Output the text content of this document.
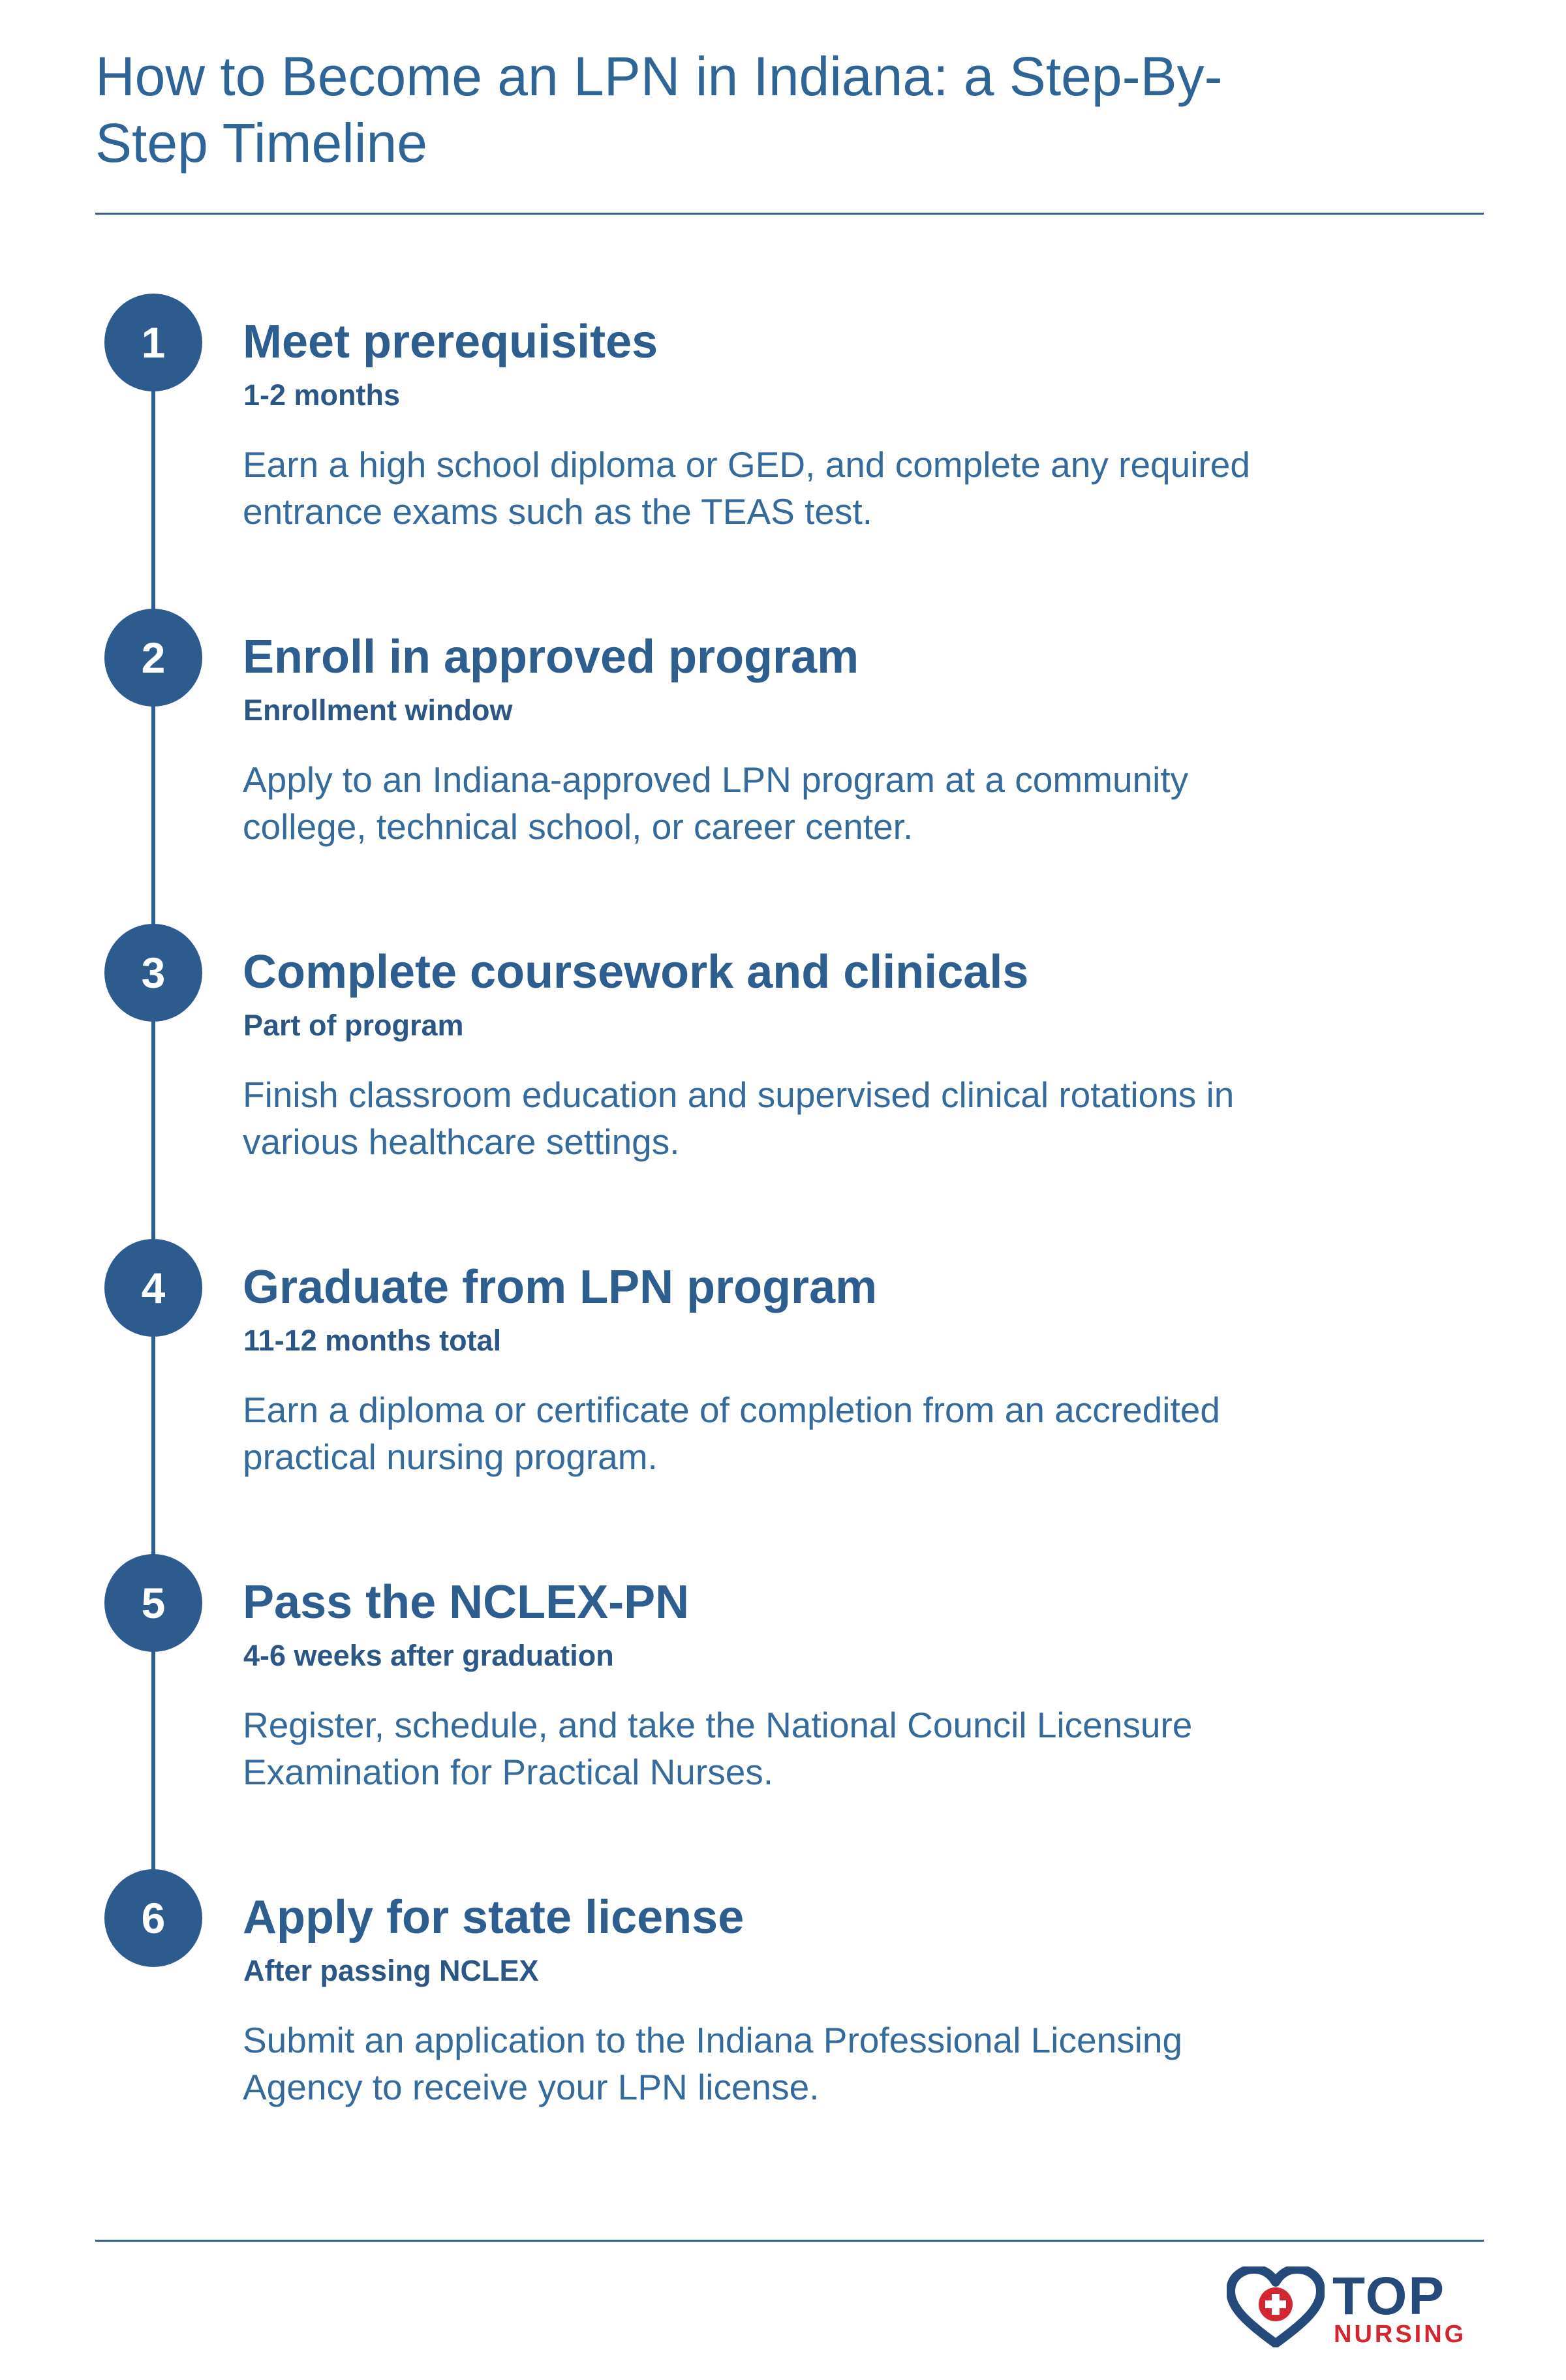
How to Become an LPN in Indiana: a Step-By-Step Timeline
1	Meet prerequisites
1-2 months

Earn a high school diploma or GED, and complete any required entrance exams such as the TEAS test.

2	Enroll in approved program
Enrollment window

Apply to an Indiana-approved LPN program at a community college, technical school, or career center.

3	Complete coursework and clinicals
Part of program

Finish classroom education and supervised clinical rotations in various healthcare settings.

4	Graduate from LPN program
11-12 months total

Earn a diploma or certificate of completion from an accredited practical nursing program.

5	Pass the NCLEX-PN
4-6 weeks after graduation

Register, schedule, and take the National Council Licensure Examination for Practical Nurses.

6	Apply for state license
After passing NCLEX

Submit an application to the Indiana Professional Licensing Agency to receive your LPN license.

TOP
NURSING
